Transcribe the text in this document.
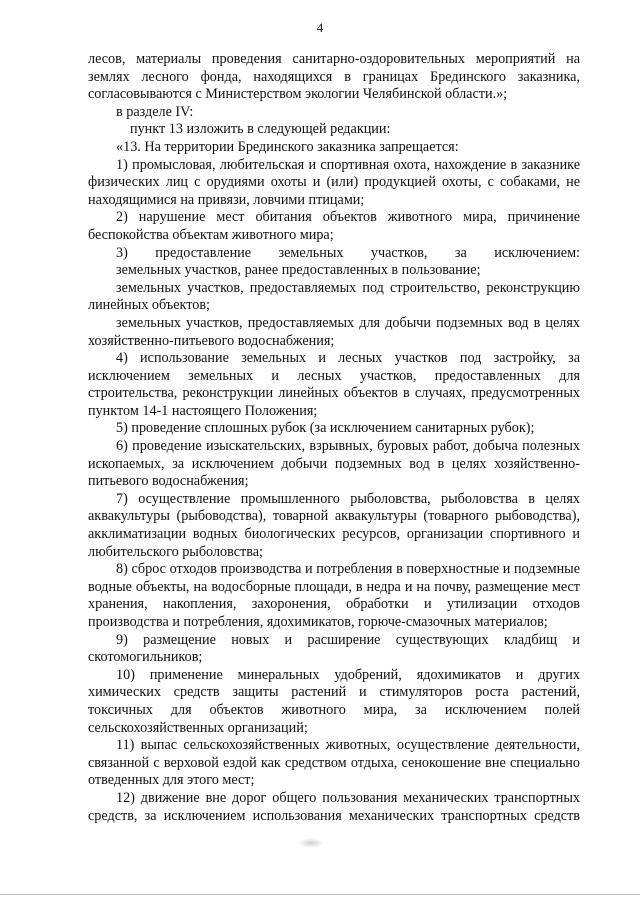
4

лесов, материалы проведения санитарно-оздоровительных мероприятий на землях лесного фонда, находящихся в границах Брединского заказника, согласовываются с Министерством экологии Челябинской области.»;

в разделе IV:

пункт 13 изложить в следующей редакции:

«13. На территории Брединского заказника запрещается:

1) промысловая, любительская и спортивная охота, нахождение в заказнике физических лиц с орудиями охоты и (или) продукцией охоты, с собаками, не находящимися на привязи, ловчими птицами;

2) нарушение мест обитания объектов животного мира, причинение беспокойства объектам животного мира;

3) предоставление земельных участков, за исключением:

земельных участков, ранее предоставленных в пользование;

земельных участков, предоставляемых под строительство, реконструкцию линейных объектов;

земельных участков, предоставляемых для добычи подземных вод в целях хозяйственно-питьевого водоснабжения;

4) использование земельных и лесных участков под застройку, за исключением земельных и лесных участков, предоставленных для строительства, реконструкции линейных объектов в случаях, предусмотренных пунктом 14-1 настоящего Положения;

5) проведение сплошных рубок (за исключением санитарных рубок);

6) проведение изыскательских, взрывных, буровых работ, добыча полезных ископаемых, за исключением добычи подземных вод в целях хозяйственно-питьевого водоснабжения;

7) осуществление промышленного рыболовства, рыболовства в целях аквакультуры (рыбоводства), товарной аквакультуры (товарного рыбоводства), акклиматизации водных биологических ресурсов, организации спортивного и любительского рыболовства;

8) сброс отходов производства и потребления в поверхностные и подземные водные объекты, на водосборные площади, в недра и на почву, размещение мест хранения, накопления, захоронения, обработки и утилизации отходов производства и потребления, ядохимикатов, горюче-смазочных материалов;

9) размещение новых и расширение существующих кладбищ и скотомогильников;

10) применение минеральных удобрений, ядохимикатов и других химических средств защиты растений и стимуляторов роста растений, токсичных для объектов животного мира, за исключением полей сельскохозяйственных организаций;

11) выпас сельскохозяйственных животных, осуществление деятельности, связанной с верховой ездой как средством отдыха, сенокошение вне специально отведенных для этого мест;

12) движение вне дорог общего пользования механических транспортных средств, за исключением использования механических транспортных средств
